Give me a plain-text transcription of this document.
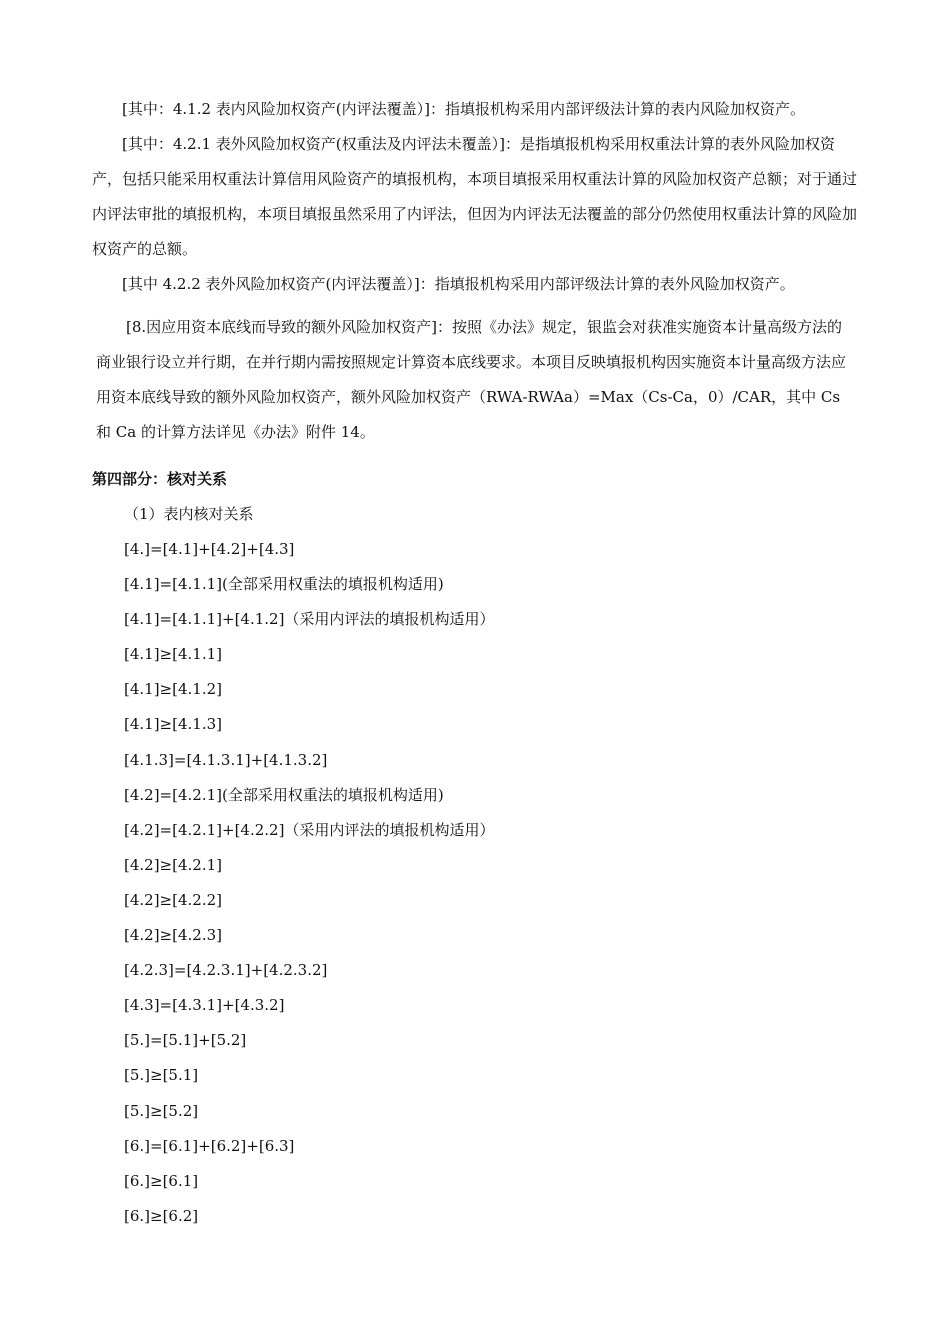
[其中：4.1.2 表内风险加权资产(内评法覆盖）]：指填报机构采用内部评级法计算的表内风险加权资产。

[其中：4.2.1 表外风险加权资产(权重法及内评法未覆盖）]：是指填报机构采用权重法计算的表外风险加权资产，包括只能采用权重法计算信用风险资产的填报机构，本项目填报采用权重法计算的风险加权资产总额；对于通过内评法审批的填报机构，本项目填报虽然采用了内评法，但因为内评法无法覆盖的部分仍然使用权重法计算的风险加权资产的总额。

[其中 4.2.2 表外风险加权资产(内评法覆盖）]：指填报机构采用内部评级法计算的表外风险加权资产。

[8.因应用资本底线而导致的额外风险加权资产]：按照《办法》规定，银监会对获准实施资本计量高级方法的商业银行设立并行期，在并行期内需按照规定计算资本底线要求。本项目反映填报机构因实施资本计量高级方法应用资本底线导致的额外风险加权资产，额外风险加权资产（RWA-RWAa）=Max（Cs-Ca，0）/CAR，其中 Cs 和 Ca 的计算方法详见《办法》附件 14。

第四部分：核对关系
（1）表内核对关系
[4.]=[4.1]+[4.2]+[4.3]
[4.1]=[4.1.1](全部采用权重法的填报机构适用)
[4.1]=[4.1.1]+[4.1.2]（采用内评法的填报机构适用）
[4.1]≥[4.1.1]
[4.1]≥[4.1.2]
[4.1]≥[4.1.3]
[4.1.3]=[4.1.3.1]+[4.1.3.2]
[4.2]=[4.2.1](全部采用权重法的填报机构适用)
[4.2]=[4.2.1]+[4.2.2]（采用内评法的填报机构适用）
[4.2]≥[4.2.1]
[4.2]≥[4.2.2]
[4.2]≥[4.2.3]
[4.2.3]=[4.2.3.1]+[4.2.3.2]
[4.3]=[4.3.1]+[4.3.2]
[5.]=[5.1]+[5.2]
[5.]≥[5.1]
[5.]≥[5.2]
[6.]=[6.1]+[6.2]+[6.3]
[6.]≥[6.1]
[6.]≥[6.2]
